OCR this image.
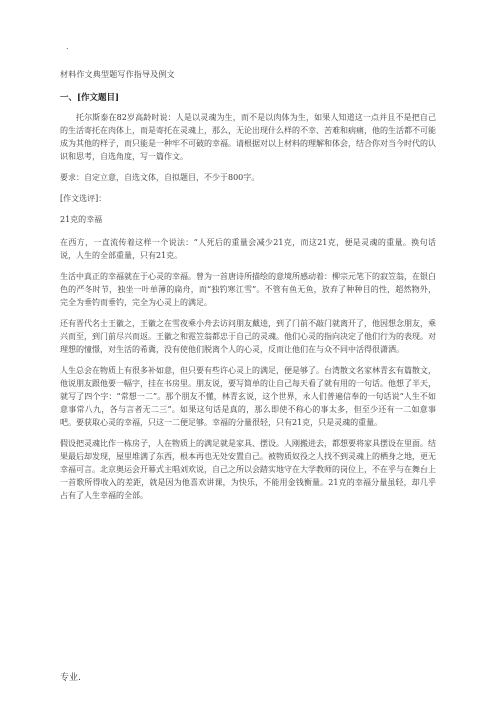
.
材料作文典型题写作指导及例文
一、[作文题目]

托尔斯泰在82岁高龄时说：人是以灵魂为生，而不是以肉体为生，如果人知道这一点并且不是把自己的生活寄托在肉体上，而是寄托在灵魂上，那么，无论出现什么样的不幸、苦难和病痛，他的生活都不可能成为其他的样子，而只能是一种牢不可破的幸福。请根据对以上材料的理解和体会，结合你对当今时代的认识和思考，自选角度，写一篇作文。

要求：自定立意，自选文体，自拟题目，不少于800字。

[作文选评]：

21克的幸福

在西方，一直流传着这样一个说法：“人死后的重量会减少21克，而这21克，便是灵魂的重量。换句话说，人生的全部重量，只有21克。

生活中真正的幸福就在于心灵的幸福。曾为一首唐诗所描绘的意境所感动着：柳宗元笔下的寂笠翁，在银白色的严冬时节，独坐一叶单薄的扁舟，而“独钓寒江雪”。不管有鱼无鱼，放弃了种种目的性，超然物外，完全为垂钓而垂钓，完全为心灵上的满足。

还有晋代名士王徽之，王徽之在雪夜乘小舟去访问朋友戴逵，到了门前不敲门就离开了，他因想念朋友，乘兴而至，到门前尽兴而返。王徽之和霓笠翁都忠于自己的灵魂。他们心灵的指向决定了他们行为的表现。对理想的憧憬，对生活的希冀，没有使他们脱离个人的心灵，反而让他们在与众不同中活得很潇洒。

人生总会在物质上有很多补如意，但只要有些许心灵上的满足，便是够了。台湾散文名家林青玄有篇散文，他说朋友跟他要一幅字，挂在书房里。朋友说，要写简单的让自己每天看了就有用的一句话。他想了半天，就写了四个字：“常想一二”。那个朋友不懂，林青玄说，这个世界，永人们普遍信奉的一句话说“人生不如意事常八九，各与言者无二三”。如果这句话是真的，那么即使不称心的事太多，但至少还有一二如意事吧。要获取心灵的幸福，只这一二便足够。幸福的分量很轻，只有21克，只是灵魂的重量。

假设把灵魂比作一栋房子，人在物质上的满足就是家具、摆设。人刚搬进去，都想要将家具摆设在里面。结果最后却发现，屋里堆满了东西，根本再也无处安置自己。被物质奴役之人找不到灵魂上的栖身之地，更无幸福可言。北京奥运会开幕式主唱刘欢说，自己之所以会踏实地守在大学教师的岗位上，不在乎与在舞台上一首歌所得收入的差距，就是因为他喜欢讲课，为快乐，不能用金钱衡量。21克的幸福分量虽轻，却几乎占有了人生幸福的全部。

专业.
